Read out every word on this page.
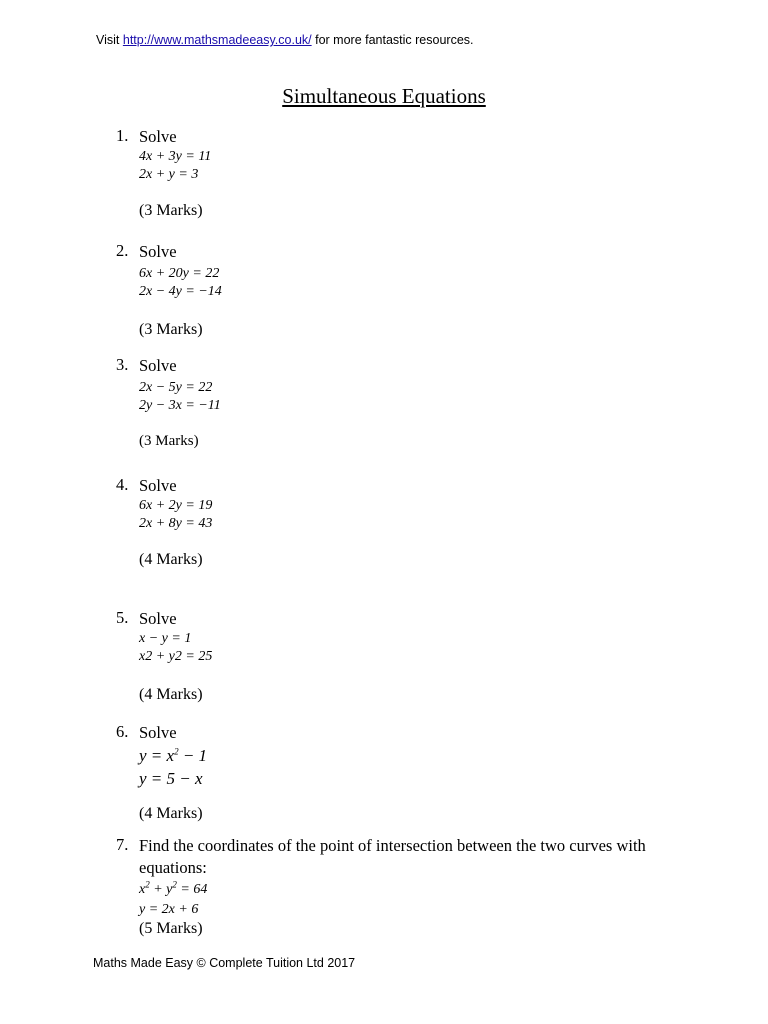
Visit http://www.mathsmadeeasy.co.uk/ for more fantastic resources.
Simultaneous Equations
1. Solve
4x + 3y = 11
2x + y = 3
(3 Marks)
2. Solve
6x + 20y = 22
2x − 4y = −14
(3 Marks)
3. Solve
2x − 5y = 22
2y − 3x = −11
(3 Marks)
4. Solve
6x + 2y = 19
2x + 8y = 43
(4 Marks)
5. Solve
x − y = 1
x2 + y2 = 25
(4 Marks)
6. Solve
$y = x^2 - 1$
y = 5 − x
(4 Marks)
7. Find the coordinates of the point of intersection between the two curves with equations:
$x^2 + y^2 = 64$
y = 2x + 6
(5 Marks)
Maths Made Easy © Complete Tuition Ltd 2017
